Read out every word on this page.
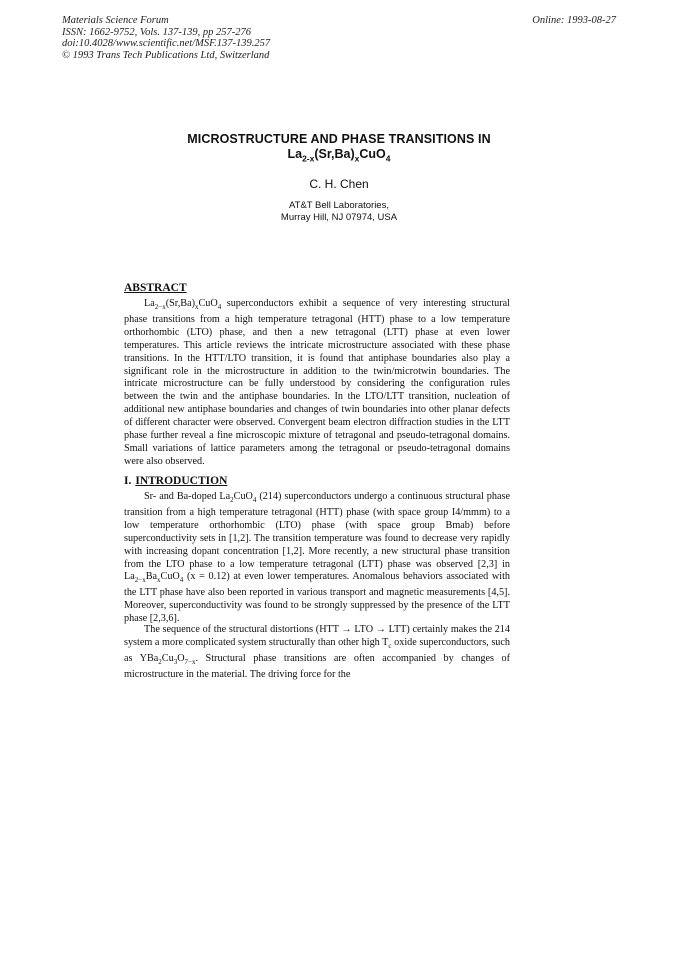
Materials Science Forum
ISSN: 1662-9752, Vols. 137-139, pp 257-276
doi:10.4028/www.scientific.net/MSF.137-139.257
© 1993 Trans Tech Publications Ltd, Switzerland
Online: 1993-08-27
MICROSTRUCTURE AND PHASE TRANSITIONS IN
$La_{2-x}(Sr,Ba)_xCuO_4$
C. H. Chen
AT&T Bell Laboratories,
Murray Hill, NJ 07974, USA
ABSTRACT

$La_{2-x}(Sr,Ba)_xCuO_4$ superconductors exhibit a sequence of very interesting structural phase transitions from a high temperature tetragonal (HTT) phase to a low temperature orthorhombic (LTO) phase, and then a new tetragonal (LTT) phase at even lower temperatures. This article reviews the intricate microstructure associated with these phase transitions. In the HTT/LTO transition, it is found that antiphase boundaries also play a significant role in the microstructure in addition to the twin/microtwin boundaries. The intricate microstructure can be fully understood by considering the configuration rules between the twin and the antiphase boundaries. In the LTO/LTT transition, nucleation of additional new antiphase boundaries and changes of twin boundaries into other planar defects of different character were observed. Convergent beam electron diffraction studies in the LTT phase further reveal a fine microscopic mixture of tetragonal and pseudo-tetragonal domains. Small variations of lattice parameters among the tetragonal or pseudo-tetragonal domains were also observed.

I. INTRODUCTION

Sr- and Ba-doped $La_2CuO_4$ (214) superconductors undergo a continuous structural phase transition from a high temperature tetragonal (HTT) phase (with space group I4/mmm) to a low temperature orthorhombic (LTO) phase (with space group Bmab) before superconductivity sets in [1,2]. The transition temperature was found to decrease very rapidly with increasing dopant concentration [1,2]. More recently, a new structural phase transition from the LTO phase to a low temperature tetragonal (LTT) phase was observed [2,3] in $La_{2-x}Ba_xCuO_4$ (x = 0.12) at even lower temperatures. Anomalous behaviors associated with the LTT phase have also been reported in various transport and magnetic measurements [4,5]. Moreover, superconductivity was found to be strongly suppressed by the presence of the LTT phase [2,3,6].

The sequence of the structural distortions (HTT → LTO → LTT) certainly makes the 214 system a more complicated system structurally than other high $T_c$ oxide superconductors, such as $YBa_2Cu_3O_{7-x}$. Structural phase transitions are often accompanied by changes of microstructure in the material. The driving force for the
